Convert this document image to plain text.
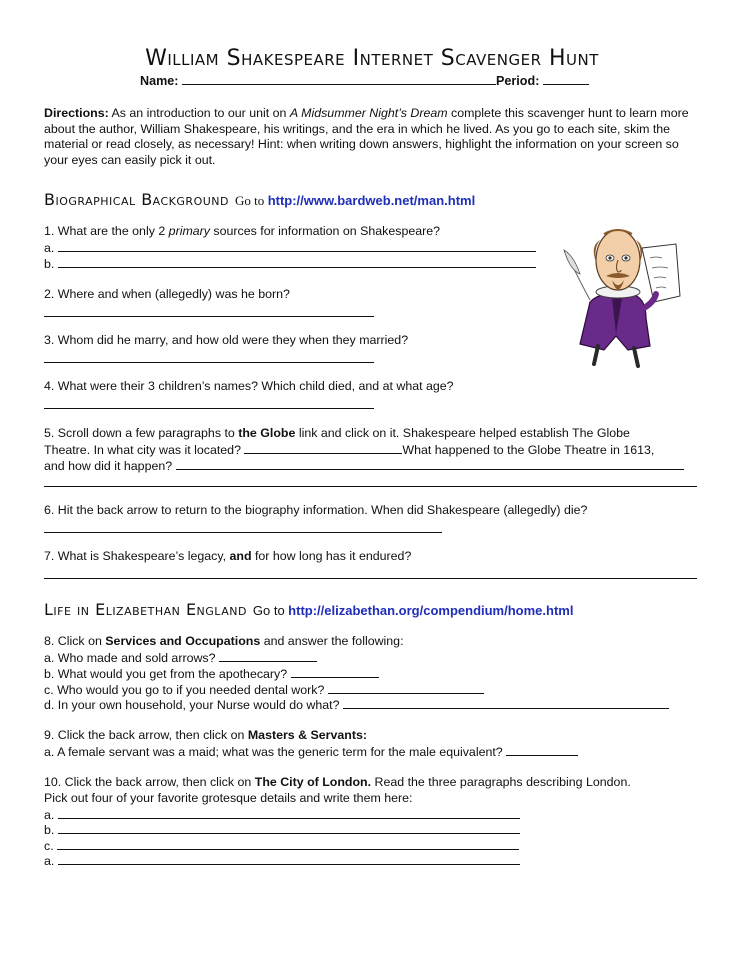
William Shakespeare Internet Scavenger Hunt
Name:	Period:
Directions: As an introduction to our unit on A Midsummer Night’s Dream complete this scavenger hunt to learn more about the author, William Shakespeare, his writings, and the era in which he lived. As you go to each site, skim the material or read closely, as necessary! Hint: when writing down answers, highlight the information on your screen so your eyes can easily pick it out.
Biographical Background Go to http://www.bardweb.net/man.html
1. What are the only 2 primary sources for information on Shakespeare?
a.
b.
2. Where and when (allegedly) was he born?
3. Whom did he marry, and how old were they when they married?
4. What were their 3 children’s names? Which child died, and at what age?
5. Scroll down a few paragraphs to the Globe link and click on it. Shakespeare helped establish The Globe
Theatre. In what city was it located?	What happened to the Globe Theatre in 1613,
and how did it happen?
6. Hit the back arrow to return to the biography information. When did Shakespeare (allegedly) die?
7. What is Shakespeare’s legacy, and for how long has it endured?
Life in Elizabethan England Go to http://elizabethan.org/compendium/home.html
8. Click on Services and Occupations and answer the following:
a. Who made and sold arrows?
b. What would you get from the apothecary?
c. Who would you go to if you needed dental work?
d. In your own household, your Nurse would do what?
9. Click the back arrow, then click on Masters & Servants:
a. A female servant was a maid; what was the generic term for the male equivalent?
10. Click the back arrow, then click on The City of London. Read the three paragraphs describing London.
Pick out four of your favorite grotesque details and write them here:
a.
b.
c.
a.
